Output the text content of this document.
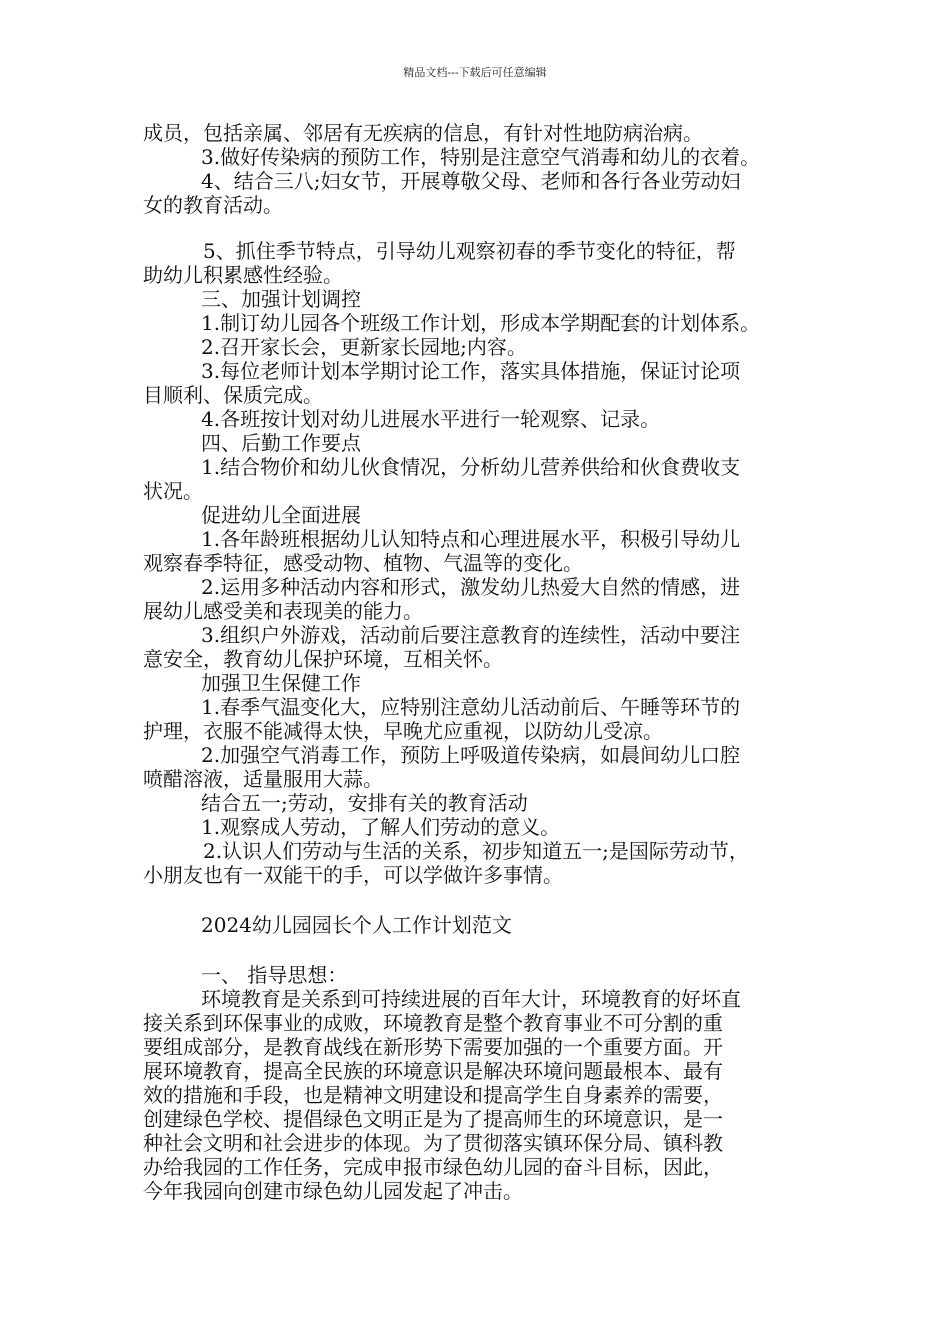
精品文档---下载后可任意编辑
成员，包括亲属、邻居有无疾病的信息，有针对性地防病治病。
3.做好传染病的预防工作，特别是注意空气消毒和幼儿的衣着。
4、结合三八;妇女节，开展尊敬父母、老师和各行各业劳动妇
女的教育活动。
5、抓住季节特点，引导幼儿观察初春的季节变化的特征，帮
助幼儿积累感性经验。
三、加强计划调控
1.制订幼儿园各个班级工作计划，形成本学期配套的计划体系。
2.召开家长会，更新家长园地;内容。
3.每位老师计划本学期讨论工作，落实具体措施，保证讨论项
目顺利、保质完成。
4.各班按计划对幼儿进展水平进行一轮观察、记录。
四、后勤工作要点
1.结合物价和幼儿伙食情况，分析幼儿营养供给和伙食费收支
状况。
促进幼儿全面进展
1.各年龄班根据幼儿认知特点和心理进展水平，积极引导幼儿
观察春季特征，感受动物、植物、气温等的变化。
2.运用多种活动内容和形式，激发幼儿热爱大自然的情感，进
展幼儿感受美和表现美的能力。
3.组织户外游戏，活动前后要注意教育的连续性，活动中要注
意安全，教育幼儿保护环境，互相关怀。
加强卫生保健工作
1.春季气温变化大，应特别注意幼儿活动前后、午睡等环节的
护理，衣服不能减得太快，早晚尤应重视，以防幼儿受凉。
2.加强空气消毒工作，预防上呼吸道传染病，如晨间幼儿口腔
喷醋溶液，适量服用大蒜。
结合五一;劳动，安排有关的教育活动
1.观察成人劳动，了解人们劳动的意义。
2.认识人们劳动与生活的关系，初步知道五一;是国际劳动节，
小朋友也有一双能干的手，可以学做许多事情。
2024幼儿园园长个人工作计划范文
一、 指导思想：
环境教育是关系到可持续进展的百年大计，环境教育的好坏直
接关系到环保事业的成败，环境教育是整个教育事业不可分割的重
要组成部分，是教育战线在新形势下需要加强的一个重要方面。开
展环境教育，提高全民族的环境意识是解决环境问题最根本、最有
效的措施和手段，也是精神文明建设和提高学生自身素养的需要，
创建绿色学校、提倡绿色文明正是为了提高师生的环境意识，是一
种社会文明和社会进步的体现。为了贯彻落实镇环保分局、镇科教
办给我园的工作任务，完成申报市绿色幼儿园的奋斗目标，因此，
今年我园向创建市绿色幼儿园发起了冲击。
